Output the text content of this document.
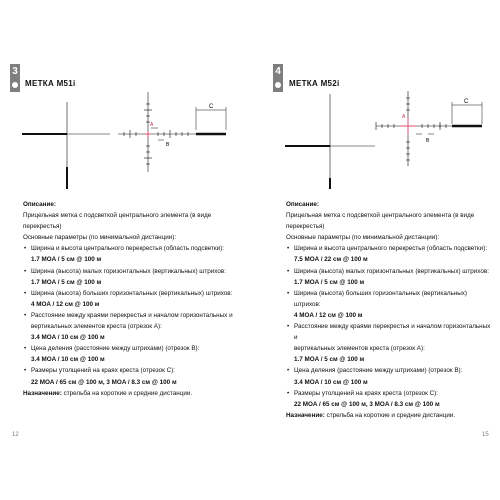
3
МЕТКА M51i
C
A
B
Описание:
Прицельная метка с подсветкой центрального элемента (в виде
перекрестья)
Основные параметры (по минимальной дистанции):
• Ширина и высота центрального перекрестья (область подсветки):
1.7 MOA / 5 см @ 100 м
• Ширина (высота) малых горизонтальных (вертикальных) штрихов:
1.7 MOA / 5 см @ 100 м
• Ширина (высота) больших горизонтальных (вертикальных) штрихов:
4 MOA / 12 см @ 100 м
• Расстояние между краями перекрестья и началом горизонтальных и
вертикальных элементов креста (отрезок A):
3.4 MOA / 10 см @ 100 м
• Цена деления (расстояние между штрихами) (отрезок B):
3.4 MOA / 10 см @ 100 м
• Размеры утолщений на краях креста (отрезок C):
22 MOA / 65 см @ 100 м, 3 MOA / 8.3 см @ 100 м
Назначение: стрельба на короткие и средние дистанции.
12
4
МЕТКА M52i
C
A
B
Описание:
Прицельная метка с подсветкой центрального элемента (в виде
перекрестья)
Основные параметры (по минимальной дистанции):
• Ширина и высота центрального перекрестья (область подсветки):
7.5 MOA / 22 см @ 100 м
• Ширина (высота) малых горизонтальных (вертикальных) штрихов:
1.7 MOA / 5 см @ 100 м
• Ширина (высота) больших горизонтальных (вертикальных) штрихов:
4 MOA / 12 см @ 100 м
• Расстояние между краями перекрестья и началом горизонтальных и
вертикальных элементов креста (отрезок A):
1.7 MOA / 5 см @ 100 м
• Цена деления (расстояние между штрихами) (отрезок B):
3.4 MOA / 10 см @ 100 м
• Размеры утолщений на краях креста (отрезок C):
22 MOA / 65 см @ 100 м, 3 MOA / 8.3 см @ 100 м
Назначение: стрельба на короткие и средние дистанции.
15
